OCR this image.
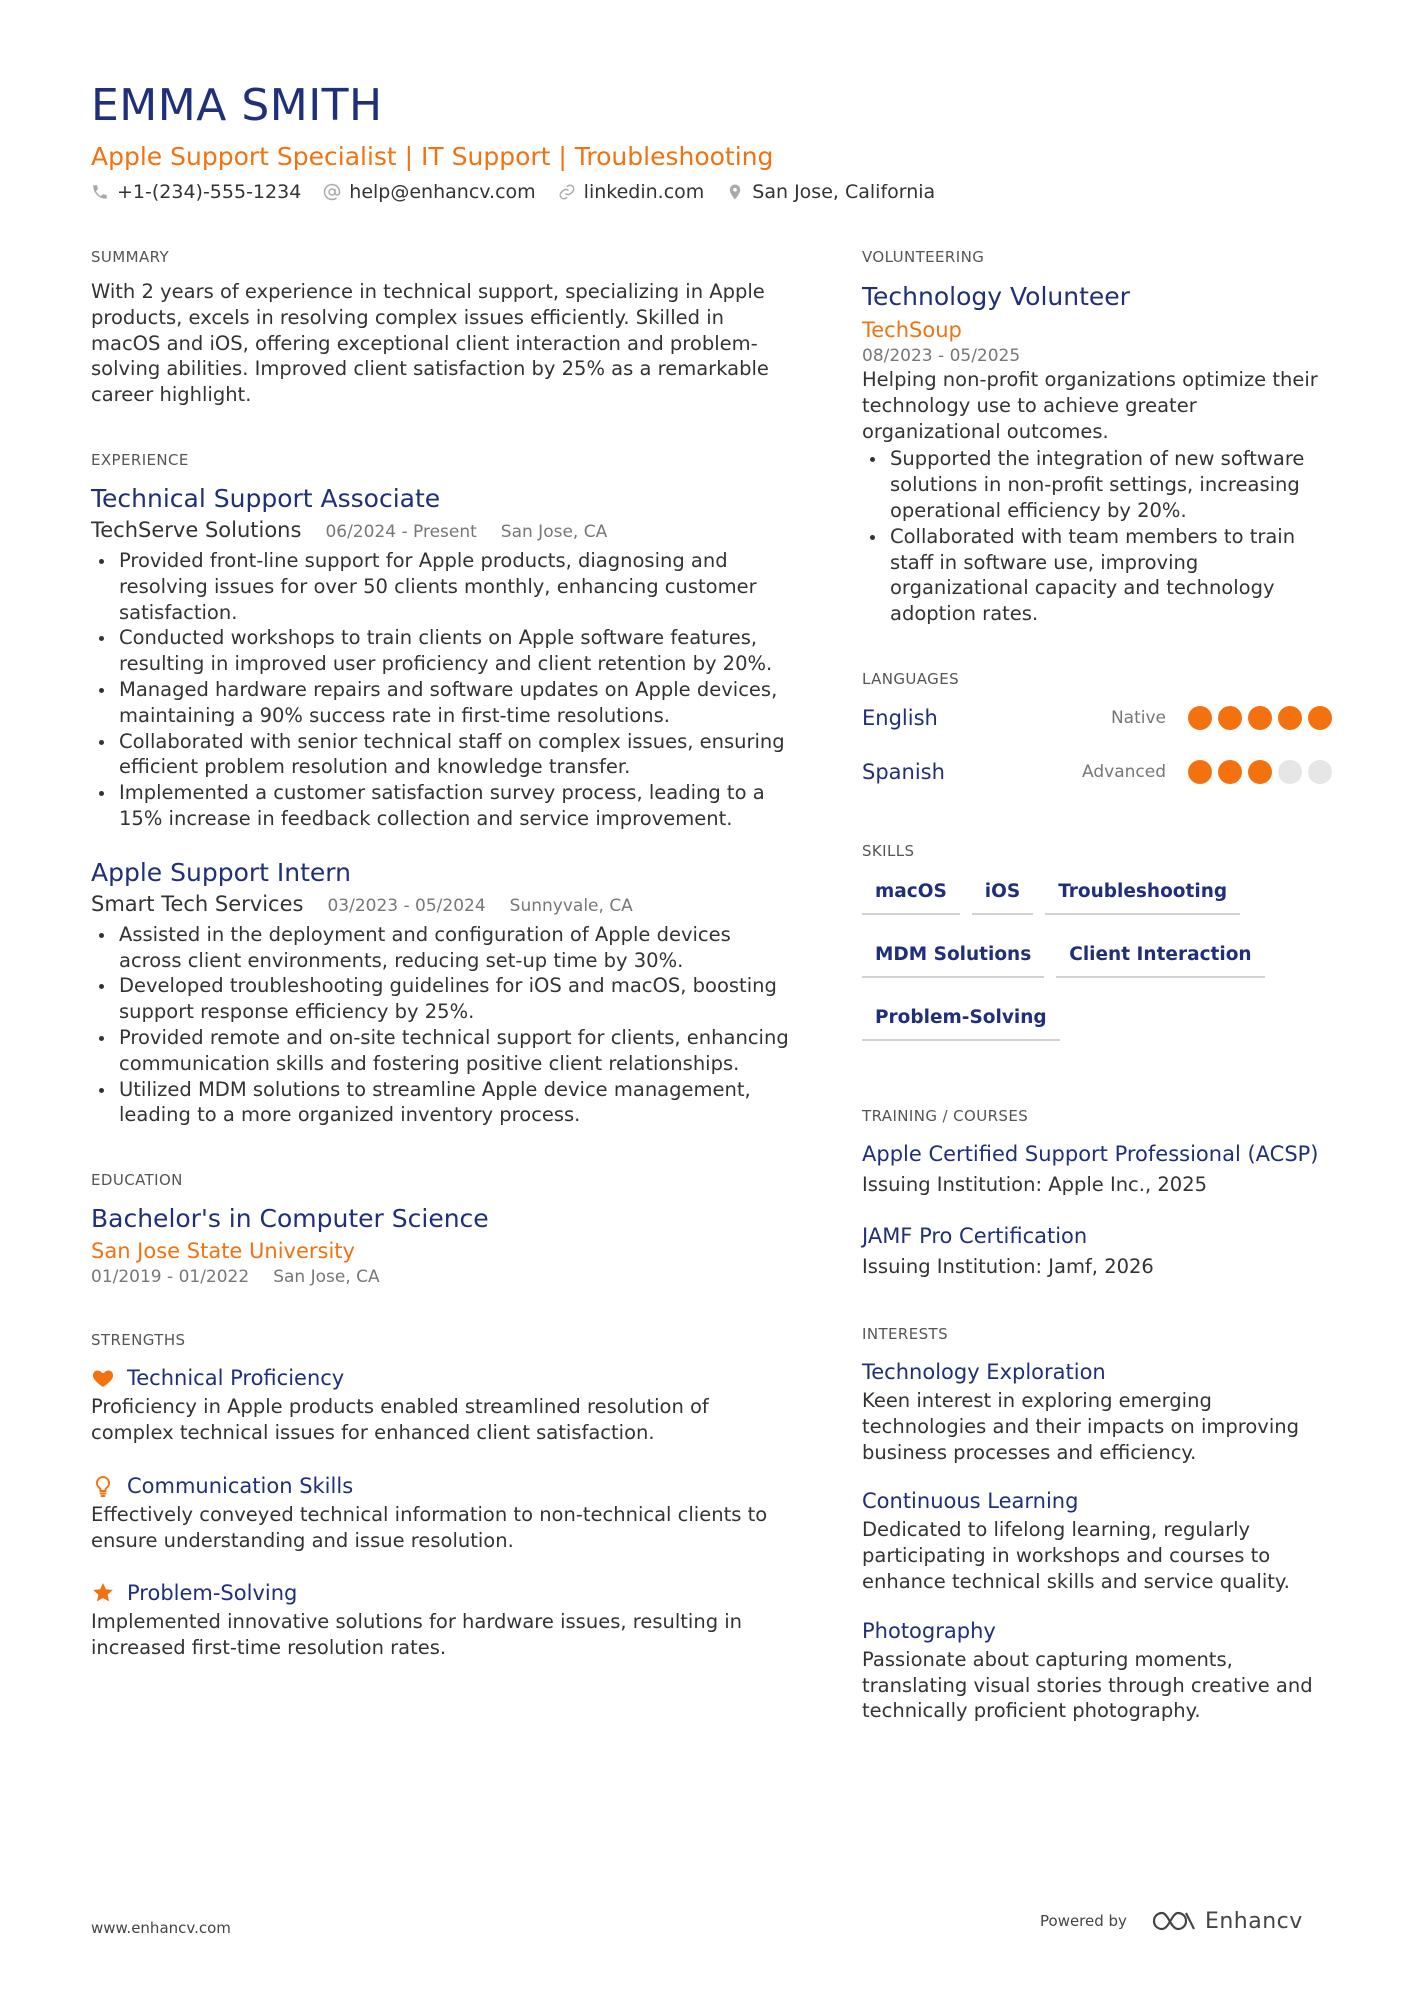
EMMA SMITH
Apple Support Specialist | IT Support | Troubleshooting
+1-(234)-555-1234	help@enhancv.com	linkedin.com	San Jose, California
SUMMARY

With 2 years of experience in technical support, specializing in Apple products, excels in resolving complex issues efficiently. Skilled in macOS and iOS, offering exceptional client interaction and problem-solving abilities. Improved client satisfaction by 25% as a remarkable career highlight.

EXPERIENCE
Technical Support Associate
TechServe Solutions 06/2024 - Present San Jose, CA
Provided front-line support for Apple products, diagnosing and resolving issues for over 50 clients monthly, enhancing customer satisfaction.
Conducted workshops to train clients on Apple software features, resulting in improved user proficiency and client retention by 20%.
Managed hardware repairs and software updates on Apple devices, maintaining a 90% success rate in first-time resolutions.
Collaborated with senior technical staff on complex issues, ensuring efficient problem resolution and knowledge transfer.
Implemented a customer satisfaction survey process, leading to a 15% increase in feedback collection and service improvement.
Apple Support Intern
Smart Tech Services 03/2023 - 05/2024 Sunnyvale, CA
Assisted in the deployment and configuration of Apple devices across client environments, reducing set-up time by 30%.
Developed troubleshooting guidelines for iOS and macOS, boosting support response efficiency by 25%.
Provided remote and on-site technical support for clients, enhancing communication skills and fostering positive client relationships.
Utilized MDM solutions to streamline Apple device management, leading to a more organized inventory process.
EDUCATION
Bachelor's in Computer Science
San Jose State University
01/2019 - 01/2022 San Jose, CA
STRENGTHS
Technical Proficiency

Proficiency in Apple products enabled streamlined resolution of complex technical issues for enhanced client satisfaction.

Communication Skills

Effectively conveyed technical information to non-technical clients to ensure understanding and issue resolution.

Problem-Solving

Implemented innovative solutions for hardware issues, resulting in increased first-time resolution rates.

VOLUNTEERING
Technology Volunteer
TechSoup
08/2023 - 05/2025

Helping non-profit organizations optimize their technology use to achieve greater organizational outcomes.

Supported the integration of new software solutions in non-profit settings, increasing operational efficiency by 20%.
Collaborated with team members to train staff in software use, improving organizational capacity and technology adoption rates.
LANGUAGES
English	Native
Spanish	Advanced
SKILLS
macOS	iOS	Troubleshooting
MDM Solutions	Client Interaction
Problem-Solving
TRAINING / COURSES
Apple Certified Support Professional (ACSP)
Issuing Institution: Apple Inc., 2025
JAMF Pro Certification
Issuing Institution: Jamf, 2026
INTERESTS
Technology Exploration

Keen interest in exploring emerging technologies and their impacts on improving business processes and efficiency.

Continuous Learning

Dedicated to lifelong learning, regularly participating in workshops and courses to enhance technical skills and service quality.

Photography

Passionate about capturing moments, translating visual stories through creative and technically proficient photography.

www.enhancv.com	Powered by	Enhancv
